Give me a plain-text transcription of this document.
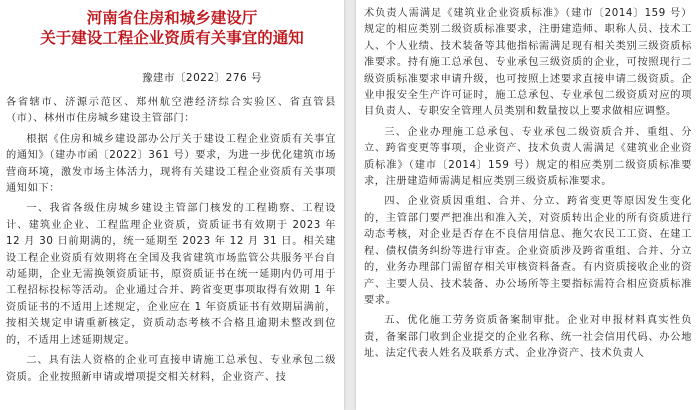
河南省住房和城乡建设厅
关于建设工程企业资质有关事宜的通知
豫建市〔2022〕276 号

各省辖市、济源示范区、郑州航空港经济综合实验区、省直管县（市）、林州市住房城乡建设主管部门：

根据《住房和城乡建设部办公厅关于建设工程企业资质有关事宜的通知》（建办市函〔2022〕361 号）要求，为进一步优化建筑市场营商环境，激发市场主体活力，现将有关建设工程企业资质有关事项通知如下：

一、我省各级住房城乡建设主管部门核发的工程勘察、工程设计、建筑业企业、工程监理企业资质，资质证书有效期于 2023 年 12 月 30 日前期满的，统一延期至 2023 年 12 月 31 日。相关建设工程企业资质有效期将在全国及我省建筑市场监管公共服务平台自动延期，企业无需换领资质证书，原资质证书在统一延期内仍可用于工程招标投标等活动。企业通过合并、跨省变更事项取得有效期 1 年资质证书的不适用上述规定，企业应在 1 年资质证书有效期届满前，按相关规定申请重新核定，资质动态考核不合格且逾期未整改到位的，不适用上述延期规定。

二、具有法人资格的企业可直接申请施工总承包、专业承包二级资质。企业按照新申请或增项提交相关材料，企业资产、技

术负责人需满足《建筑业企业资质标准》（建市〔2014〕159 号）规定的相应类别二级资质标准要求，注册建造师、职称人员、技术工人、个人业绩、技术装备等其他指标需满足现有相关类别三级资质标准要求。持有施工总承包、专业承包三级资质的企业，可按照现行二级资质标准要求申请升级，也可按照上述要求直接申请二级资质。企业申报安全生产许可证时，施工总承包、专业承包二级资质对应的项目负责人、专职安全管理人员类别和数量按以上要求做相应调整。

三、企业办理施工总承包、专业承包二级资质合并、重组、分立、跨省变更等事项，企业资产、技术负责人需满足《建筑业企业资质标准》（建市〔2014〕159 号）规定的相应类别二级资质标准要求，注册建造师需满足相应类别三级资质标准要求。

四、企业资质因重组、合并、分立、跨省变更等原因发生变化的，主管部门要严把准出和准入关，对资质转出企业的所有资质进行动态考核，对企业是否存在不良信用信息、拖欠农民工工资、在建工程、债权债务纠纷等进行审查。企业资质涉及跨省重组、合并、分立的，业务办理部门需留存相关审核资料备查。有内资质接收企业的资产、主要人员、技术装备、办公场所等主要指标需符合相应资质标准要求。

五、优化施工劳务资质备案制审批。企业对申报材料真实性负责，备案部门收到企业提交的企业名称、统一社会信用代码、办公地址、法定代表人姓名及联系方式、企业净资产、技术负责人
